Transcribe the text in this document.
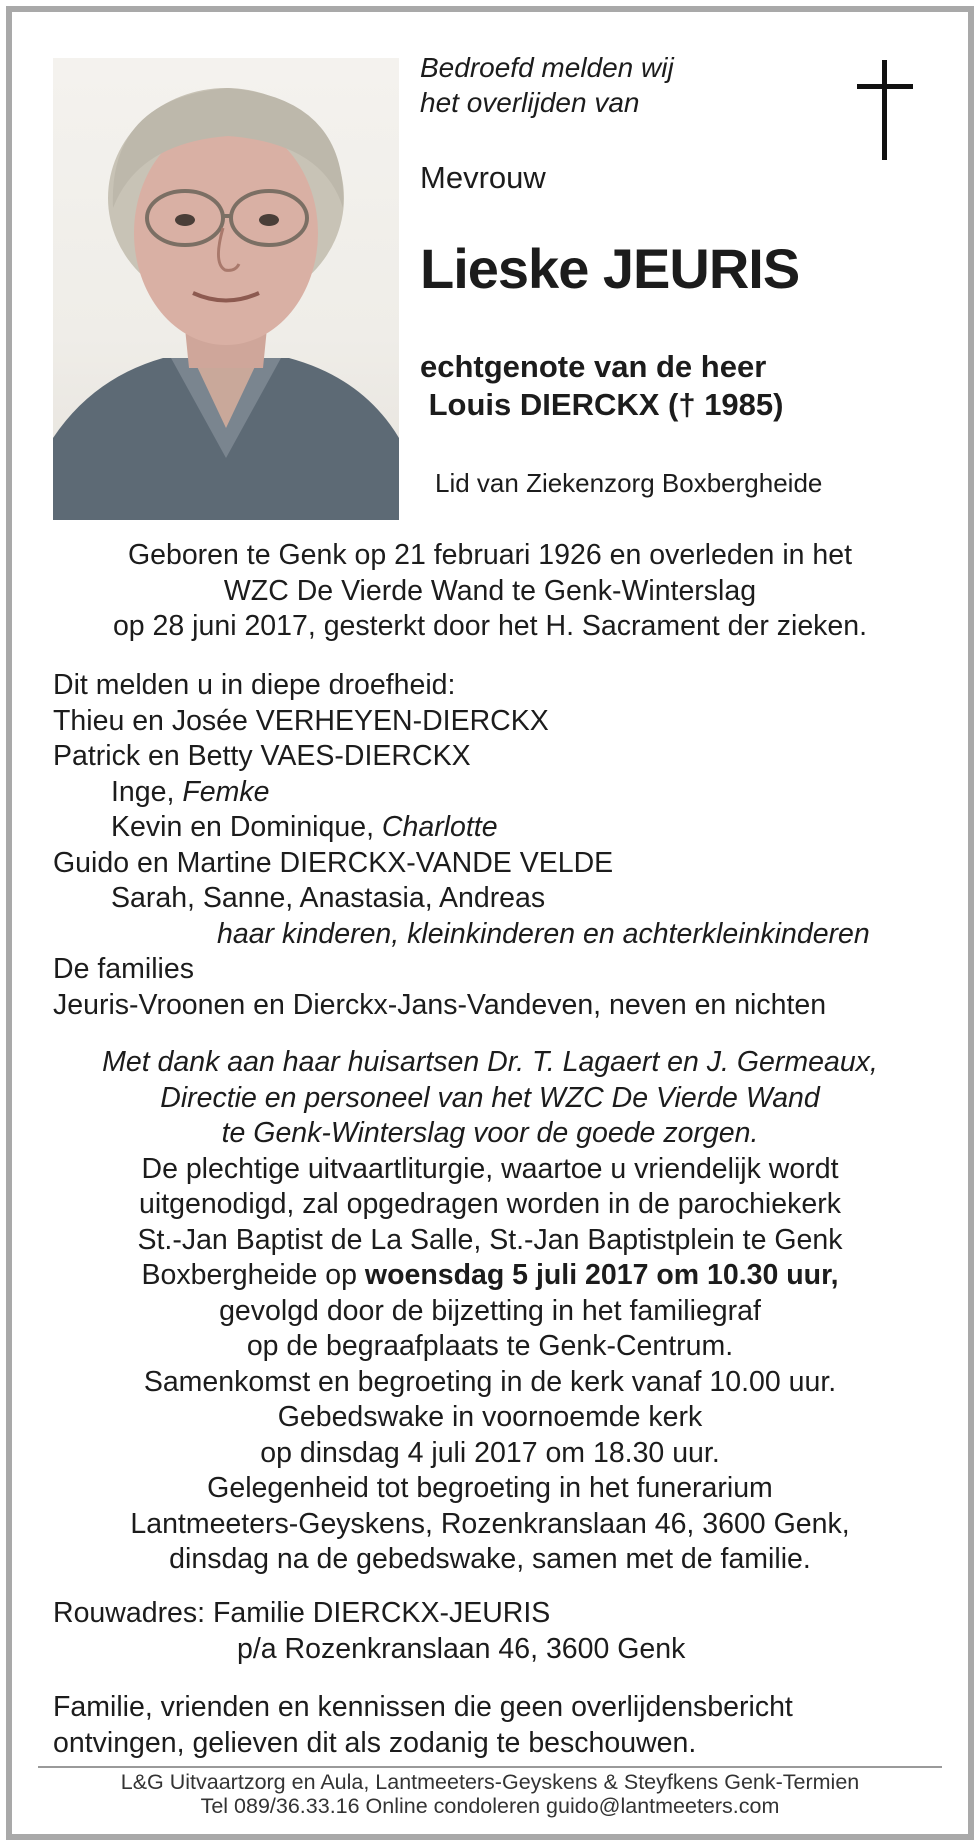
Bedroefd melden wij
het overlijden van
Mevrouw
Lieske JEURIS
echtgenote van de heer
Louis DIERCKX († 1985)
Lid van Ziekenzorg Boxbergheide
Geboren te Genk op 21 februari 1926 en overleden in het
WZC De Vierde Wand te Genk-Winterslag
op 28 juni 2017, gesterkt door het H. Sacrament der zieken.
Dit melden u in diepe droefheid:
Thieu en Josée VERHEYEN-DIERCKX
Patrick en Betty VAES-DIERCKX
Inge, Femke
Kevin en Dominique, Charlotte
Guido en Martine DIERCKX-VANDE VELDE
Sarah, Sanne, Anastasia, Andreas
haar kinderen, kleinkinderen en achterkleinkinderen
De families
Jeuris-Vroonen en Dierckx-Jans-Vandeven, neven en nichten
Met dank aan haar huisartsen Dr. T. Lagaert en J. Germeaux,
Directie en personeel van het WZC De Vierde Wand
te Genk-Winterslag voor de goede zorgen.
De plechtige uitvaartliturgie, waartoe u vriendelijk wordt
uitgenodigd, zal opgedragen worden in de parochiekerk
St.-Jan Baptist de La Salle, St.-Jan Baptistplein te Genk
Boxbergheide op woensdag 5 juli 2017 om 10.30 uur,
gevolgd door de bijzetting in het familiegraf
op de begraafplaats te Genk-Centrum.
Samenkomst en begroeting in de kerk vanaf 10.00 uur.
Gebedswake in voornoemde kerk
op dinsdag 4 juli 2017 om 18.30 uur.
Gelegenheid tot begroeting in het funerarium
Lantmeeters-Geyskens, Rozenkranslaan 46, 3600 Genk,
dinsdag na de gebedswake, samen met de familie.
Rouwadres: Familie DIERCKX-JEURIS
p/a Rozenkranslaan 46, 3600 Genk
Familie, vrienden en kennissen die geen overlijdensbericht
ontvingen, gelieven dit als zodanig te beschouwen.
L&G Uitvaartzorg en Aula, Lantmeeters-Geyskens & Steyfkens Genk-Termien
Tel 089/36.33.16 Online condoleren guido@lantmeeters.com
